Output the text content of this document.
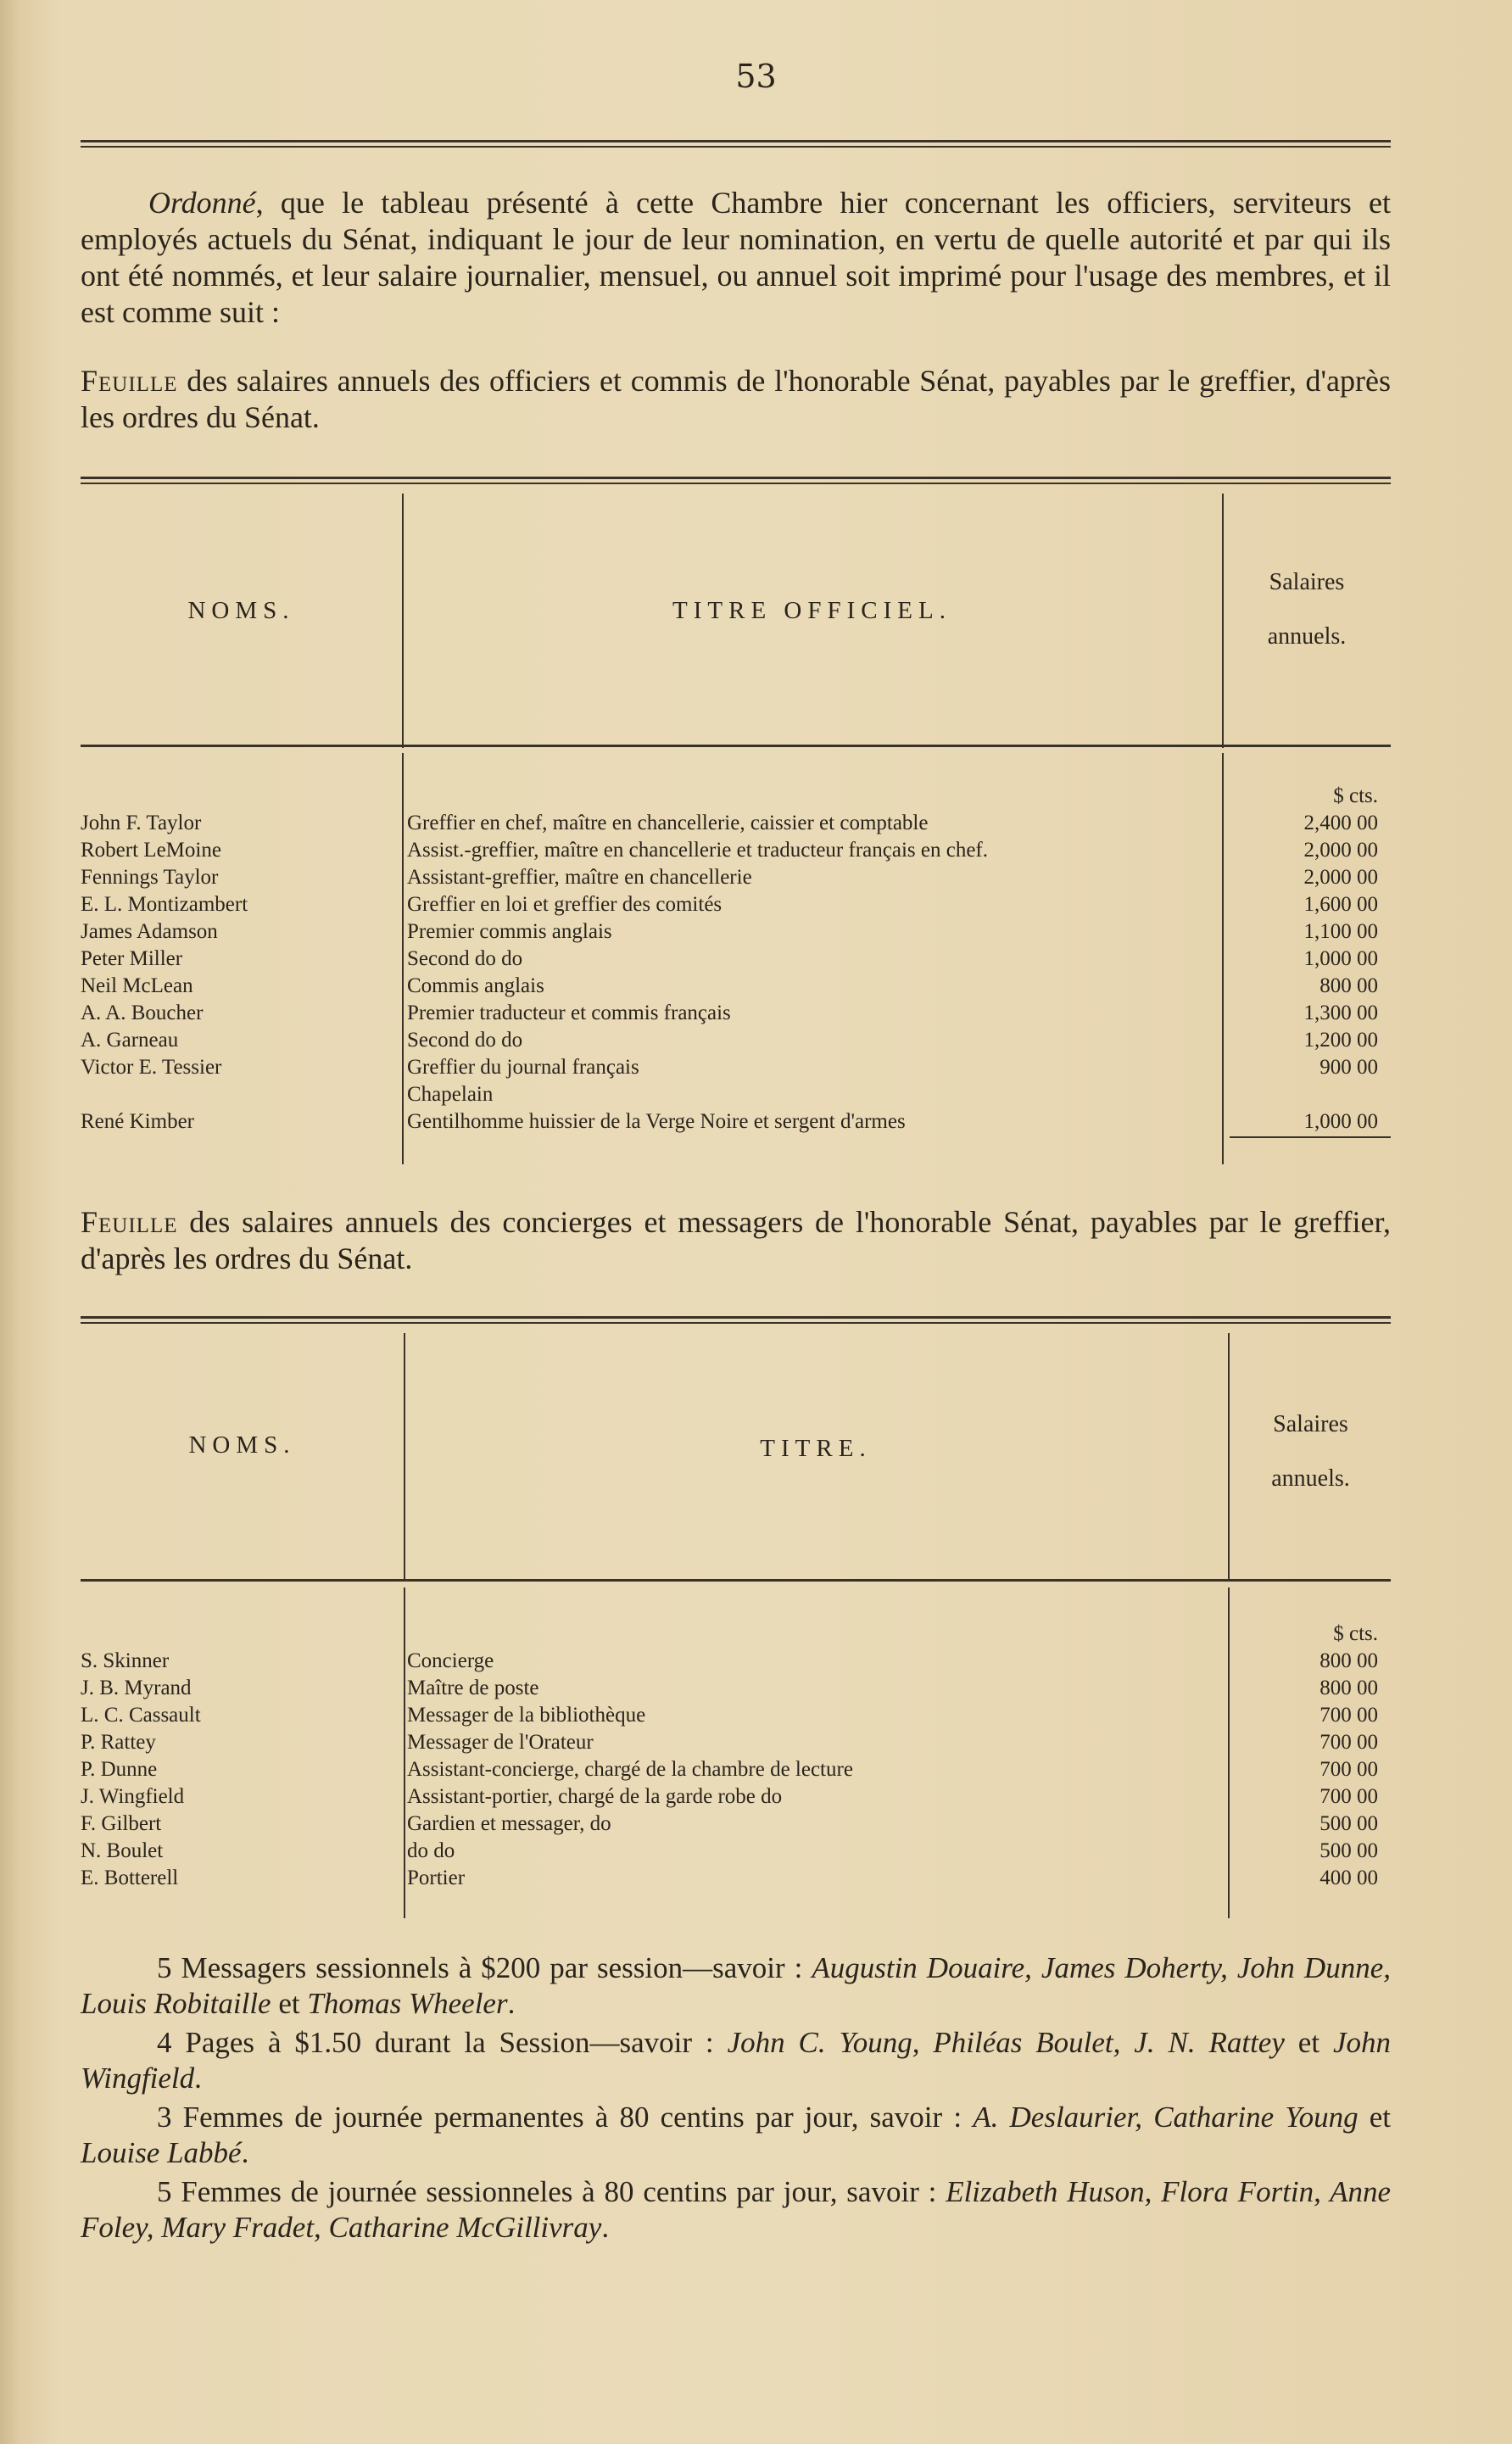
53
Ordonné, que le tableau présenté à cette Chambre hier concernant les officiers, serviteurs et employés actuels du Sénat, indiquant le jour de leur nomination, en vertu de quelle autorité et par qui ils ont été nommés, et leur salaire journalier, mensuel, ou annuel soit imprimé pour l'usage des membres, et il est comme suit :
Feuille des salaires annuels des officiers et commis de l'honorable Sénat, payables par le greffier, d'après les ordres du Sénat.
NOMS.	TITRE OFFICIEL.
Salaires
annuels.
$ cts.
John F. Taylor	Greffier en chef, maître en chancellerie, caissier et comptable	2,400 00
Robert LeMoine	Assist.-greffier, maître en chancellerie et traducteur français en chef.	2,000 00
Fennings Taylor	Assistant-greffier, maître en chancellerie	2,000 00
E. L. Montizambert	Greffier en loi et greffier des comités	1,600 00
James Adamson	Premier commis anglais	1,100 00
Peter Miller	Second do do	1,000 00
Neil McLean	Commis anglais	800 00
A. A. Boucher	Premier traducteur et commis français	1,300 00
A. Garneau	Second do do	1,200 00
Victor E. Tessier	Greffier du journal français	900 00
Chapelain
René Kimber	Gentilhomme huissier de la Verge Noire et sergent d'armes	1,000 00
Feuille des salaires annuels des concierges et messagers de l'honorable Sénat, payables par le greffier, d'après les ordres du Sénat.
NOMS.	TITRE.
Salaires
annuels.
$ cts.
S. Skinner	Concierge	800 00
J. B. Myrand	Maître de poste	800 00
L. C. Cassault	Messager de la bibliothèque	700 00
P. Rattey	Messager de l'Orateur	700 00
P. Dunne	Assistant-concierge, chargé de la chambre de lecture	700 00
J. Wingfield	Assistant-portier, chargé de la garde robe do	700 00
F. Gilbert	Gardien et messager, do	500 00
N. Boulet	do do	500 00
E. Botterell	Portier	400 00
5 Messagers sessionnels à $200 par session—savoir : Augustin Douaire, James Doherty, John Dunne, Louis Robitaille et Thomas Wheeler.
4 Pages à $1.50 durant la Session—savoir : John C. Young, Philéas Boulet, J. N. Rattey et John Wingfield.
3 Femmes de journée permanentes à 80 centins par jour, savoir : A. Deslaurier, Catharine Young et Louise Labbé.
5 Femmes de journée sessionneles à 80 centins par jour, savoir : Elizabeth Huson, Flora Fortin, Anne Foley, Mary Fradet, Catharine McGillivray.
